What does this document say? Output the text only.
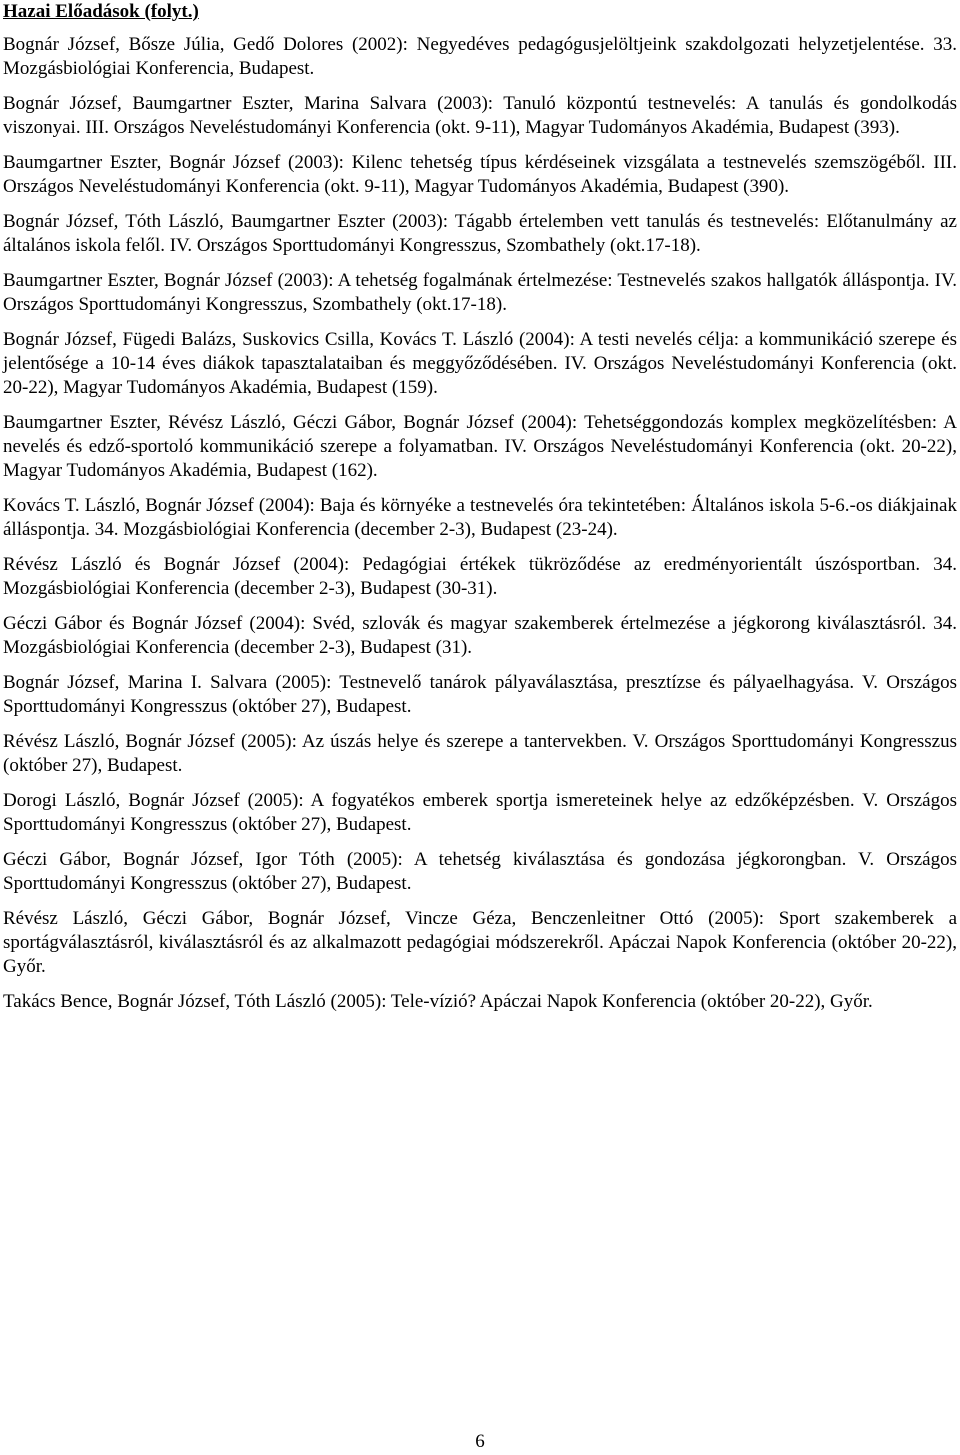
Hazai Előadások (folyt.)

Bognár József, Bősze Júlia, Gedő Dolores (2002): Negyedéves pedagógusjelöltjeink szakdolgozati helyzetjelentése. 33. Mozgásbiológiai Konferencia, Budapest.

Bognár József, Baumgartner Eszter, Marina Salvara (2003): Tanuló központú testnevelés: A tanulás és gondolkodás viszonyai. III. Országos Neveléstudományi Konferencia (okt. 9-11), Magyar Tudományos Akadémia, Budapest (393).

Baumgartner Eszter, Bognár József (2003): Kilenc tehetség típus kérdéseinek vizsgálata a testnevelés szemszögéből. III. Országos Neveléstudományi Konferencia (okt. 9-11), Magyar Tudományos Akadémia, Budapest (390).

Bognár József, Tóth László, Baumgartner Eszter (2003): Tágabb értelemben vett tanulás és testnevelés: Előtanulmány az általános iskola felől. IV. Országos Sporttudományi Kongresszus, Szombathely (okt.17-18).

Baumgartner Eszter, Bognár József (2003): A tehetség fogalmának értelmezése: Testnevelés szakos hallgatók álláspontja. IV. Országos Sporttudományi Kongresszus, Szombathely (okt.17-18).

Bognár József, Fügedi Balázs, Suskovics Csilla, Kovács T. László (2004): A testi nevelés célja: a kommunikáció szerepe és jelentősége a 10-14 éves diákok tapasztalataiban és meggyőződésében. IV. Országos Neveléstudományi Konferencia (okt. 20-22), Magyar Tudományos Akadémia, Budapest (159).

Baumgartner Eszter, Révész László, Géczi Gábor, Bognár József (2004): Tehetséggondozás komplex megközelítésben: A nevelés és edző-sportoló kommunikáció szerepe a folyamatban. IV. Országos Neveléstudományi Konferencia (okt. 20-22), Magyar Tudományos Akadémia, Budapest (162).

Kovács T. László, Bognár József (2004): Baja és környéke a testnevelés óra tekintetében: Általános iskola 5-6.-os diákjainak álláspontja. 34. Mozgásbiológiai Konferencia (december 2-3), Budapest (23-24).

Révész László és Bognár József (2004): Pedagógiai értékek tükröződése az eredményorientált úszósportban. 34. Mozgásbiológiai Konferencia (december 2-3), Budapest (30-31).

Géczi Gábor és Bognár József (2004): Svéd, szlovák és magyar szakemberek értelmezése a jégkorong kiválasztásról. 34. Mozgásbiológiai Konferencia (december 2-3), Budapest (31).

Bognár József, Marina I. Salvara (2005): Testnevelő tanárok pályaválasztása, presztízse és pályaelhagyása. V. Országos Sporttudományi Kongresszus (október 27), Budapest.

Révész László, Bognár József (2005): Az úszás helye és szerepe a tantervekben. V. Országos Sporttudományi Kongresszus (október 27), Budapest.

Dorogi László, Bognár József (2005): A fogyatékos emberek sportja ismereteinek helye az edzőképzésben. V. Országos Sporttudományi Kongresszus (október 27), Budapest.

Géczi Gábor, Bognár József, Igor Tóth (2005): A tehetség kiválasztása és gondozása jégkorongban. V. Országos Sporttudományi Kongresszus (október 27), Budapest.

Révész László, Géczi Gábor, Bognár József, Vincze Géza, Benczenleitner Ottó (2005): Sport szakemberek a sportágválasztásról, kiválasztásról és az alkalmazott pedagógiai módszerekről. Apáczai Napok Konferencia (október 20-22), Győr.

Takács Bence, Bognár József, Tóth László (2005): Tele-vízió? Apáczai Napok Konferencia (október 20-22), Győr.

6
